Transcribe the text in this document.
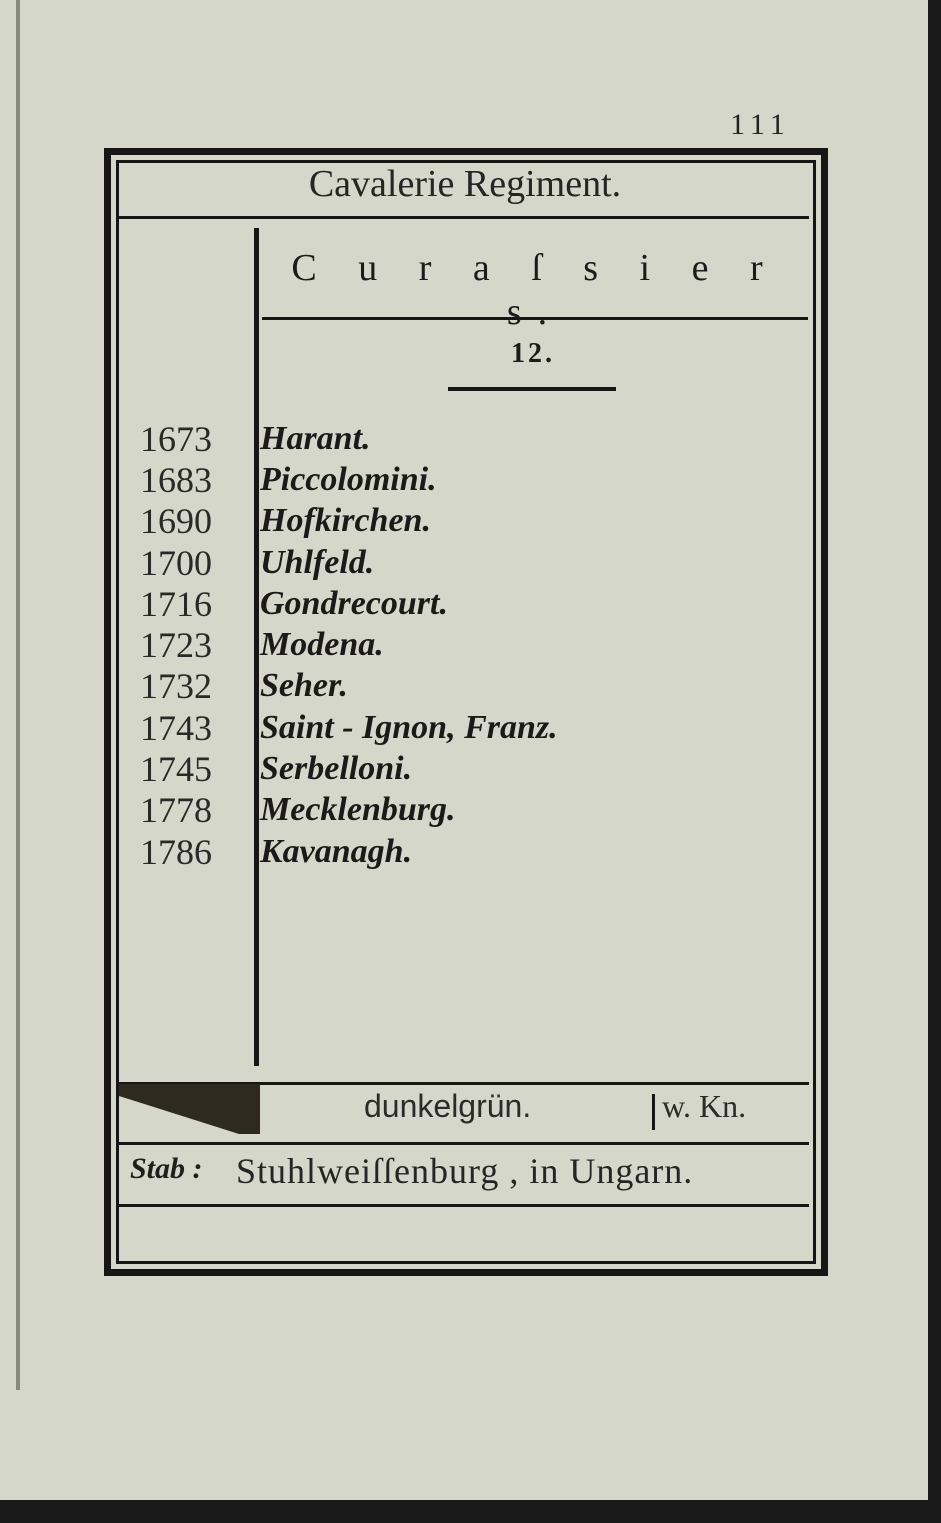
111
Cavalerie Regiment.
C u r a ſ s i e r s.
12.
1673	Harant.
1683	Piccolomini.
1690	Hofkirchen.
1700	Uhlfeld.
1716	Gondrecourt.
1723	Modena.
1732	Seher.
1743	Saint - Ignon, Franz.
1745	Serbelloni.
1778	Mecklenburg.
1786	Kavanagh.
dunkelgrün.	w. Kn.
Stab : Stuhlweiſſenburg , in Ungarn.
